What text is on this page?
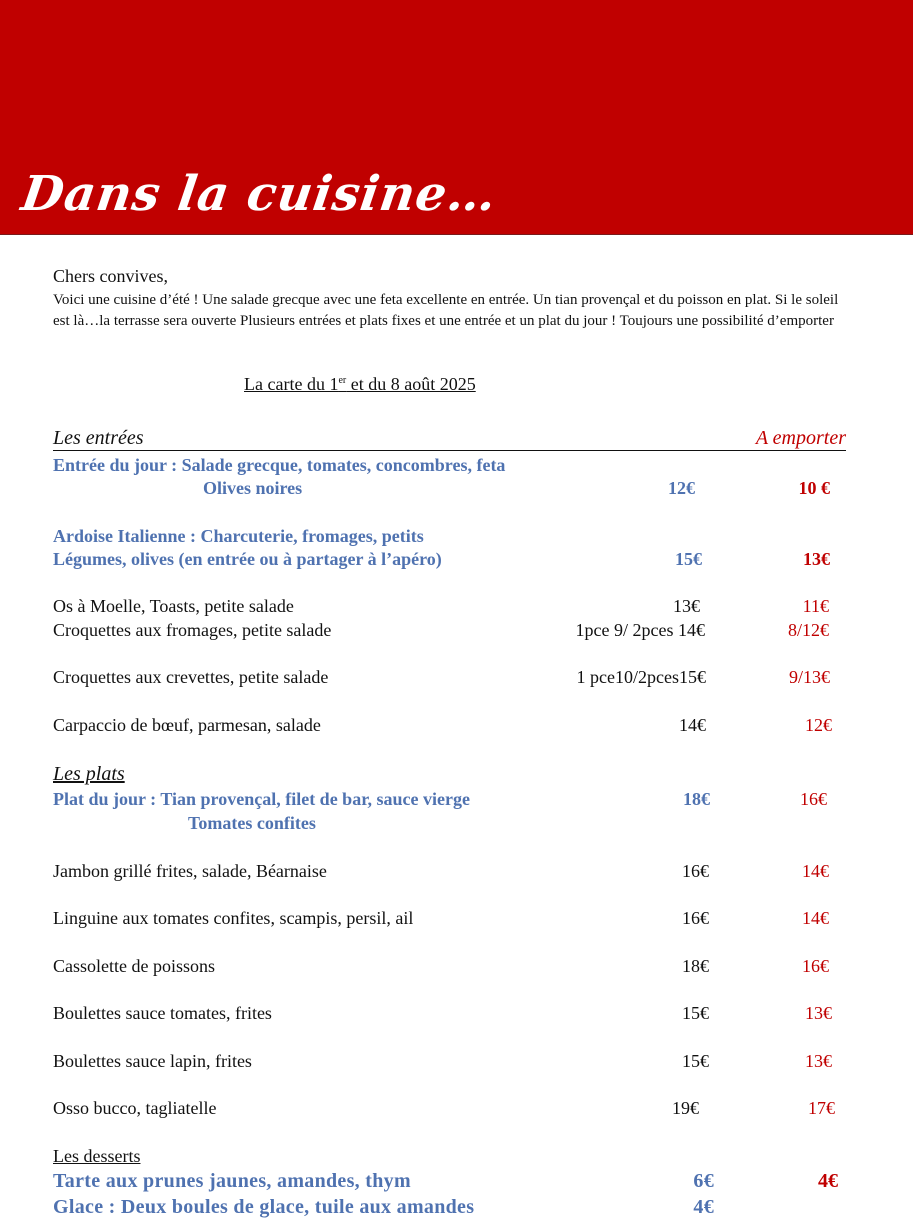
Dans la cuisine…
Chers convives,
Voici une cuisine d’été ! Une salade grecque avec une feta excellente en entrée. Un tian provençal et du poisson en plat. Si le soleil est là…la terrasse sera ouverte Plusieurs entrées et plats fixes et une entrée et un plat du jour ! Toujours une possibilité d’emporter
La carte du 1er et du 8 août 2025
Les entrées	A emporter
Entrée du jour : Salade grecque, tomates, concombres, feta
Olives noires	12€	10 €
Ardoise Italienne : Charcuterie, fromages, petits
Légumes, olives (en entrée ou à partager à l’apéro)	15€	13€
Os à Moelle, Toasts, petite salade	13€	11€
Croquettes aux fromages, petite salade	1pce 9/ 2pces 14€	8/12€
Croquettes aux crevettes, petite salade	1 pce10/2pces15€	9/13€
Carpaccio de bœuf, parmesan, salade	14€	12€
Les plats
Plat du jour : Tian provençal, filet de bar, sauce vierge
Tomates confites
18€	16€
Jambon grillé frites, salade, Béarnaise	16€	14€
Linguine aux tomates confites, scampis, persil, ail	16€	14€
Cassolette de poissons	18€	16€
Boulettes sauce tomates, frites	15€	13€
Boulettes sauce lapin, frites	15€	13€
Osso bucco, tagliatelle	19€	17€
Les desserts
Tarte aux prunes jaunes, amandes, thym	6€	4€
Glace : Deux boules de glace, tuile aux amandes	4€
